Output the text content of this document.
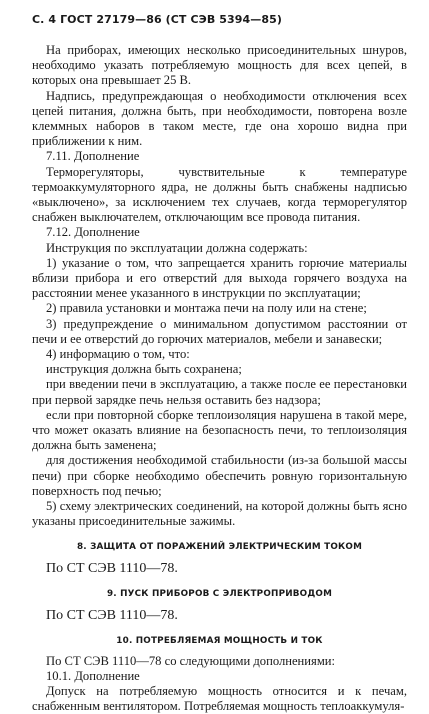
С. 4 ГОСТ 27179—86 (СТ СЭВ 5394—85)

На приборах, имеющих несколько присоединительных шнуров, необходимо указать потребляемую мощность для всех цепей, в которых она превышает 25 В.

Надпись, предупреждающая о необходимости отключения всех цепей питания, должна быть, при необходимости, повторена возле клеммных наборов в таком месте, где она хорошо видна при приближении к ним.

7.11. Дополнение

Терморегуляторы, чувствительные к температуре термоаккумуляторного ядра, не должны быть снабжены надписью «выключено», за исключением тех случаев, когда терморегулятор снабжен выключателем, отключающим все провода питания.

7.12. Дополнение

Инструкция по эксплуатации должна содержать:

1) указание о том, что запрещается хранить горючие материалы вблизи прибора и его отверстий для выхода горячего воздуха на расстоянии менее указанного в инструкции по эксплуатации;

2) правила установки и монтажа печи на полу или на стене;

3) предупреждение о минимальном допустимом расстоянии от печи и ее отверстий до горючих материалов, мебели и занавески;

4) информацию о том, что:

инструкция должна быть сохранена;

при введении печи в эксплуатацию, а также после ее перестановки при первой зарядке печь нельзя оставить без надзора;

если при повторной сборке теплоизоляция нарушена в такой мере, что может оказать влияние на безопасность печи, то теплоизоляция должна быть заменена;

для достижения необходимой стабильности (из-за большой массы печи) при сборке необходимо обеспечить ровную горизонтальную поверхность под печью;

5) схему электрических соединений, на которой должны быть ясно указаны присоединительные зажимы.

8. ЗАЩИТА ОТ ПОРАЖЕНИЙ ЭЛЕКТРИЧЕСКИМ ТОКОМ

По СТ СЭВ 1110—78.

9. ПУСК ПРИБОРОВ С ЭЛЕКТРОПРИВОДОМ

По СТ СЭВ 1110—78.

10. ПОТРЕБЛЯЕМАЯ МОЩНОСТЬ И ТОК

По СТ СЭВ 1110—78 со следующими дополнениями:

10.1. Дополнение

Допуск на потребляемую мощность относится и к печам, снабженным вентилятором. Потребляемая мощность теплоаккумуля-
